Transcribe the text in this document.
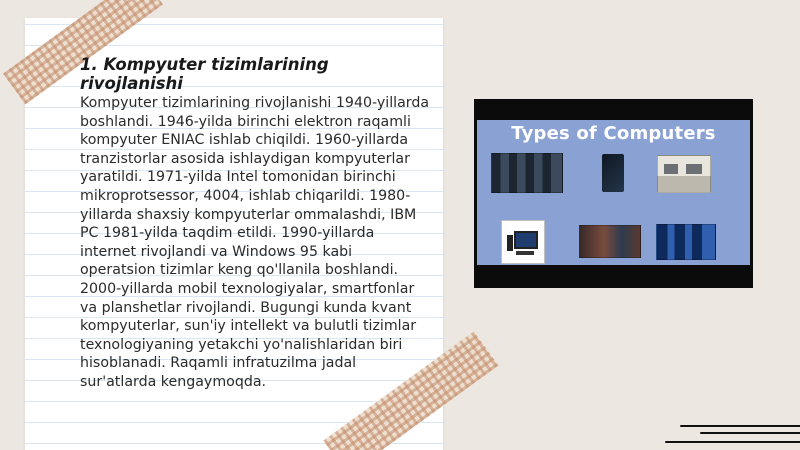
1. Kompyuter tizimlarining rivojlanishi

Kompyuter tizimlarining rivojlanishi 1940-yillarda boshlandi. 1946-yilda birinchi elektron raqamli kompyuter ENIAC ishlab chiqildi. 1960-yillarda tranzistorlar asosida ishlaydigan kompyuterlar yaratildi. 1971-yilda Intel tomonidan birinchi mikroprotsessor, 4004, ishlab chiqarildi. 1980-yillarda shaxsiy kompyuterlar ommalashdi, IBM PC 1981-yilda taqdim etildi. 1990-yillarda internet rivojlandi va Windows 95 kabi operatsion tizimlar keng qo'llanila boshlandi. 2000-yillarda mobil texnologiyalar, smartfonlar va planshetlar rivojlandi. Bugungi kunda kvant kompyuterlar, sun'iy intellekt va bulutli tizimlar texnologiyaning yetakchi yo'nalishlaridan biri hisoblanadi. Raqamli infratuzilma jadal sur'atlarda kengaymoqda.

Types of Computers
